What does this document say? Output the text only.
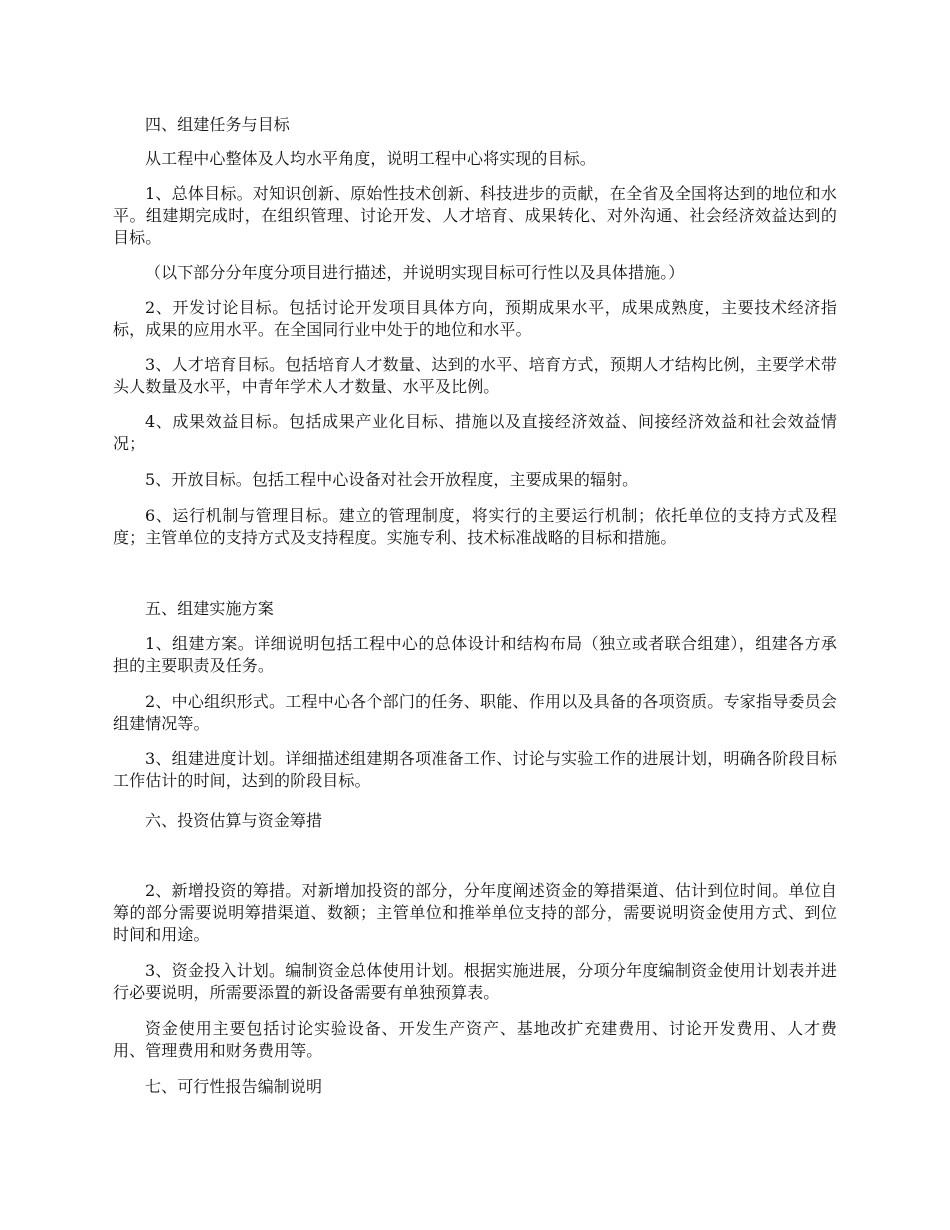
四、组建任务与目标

从工程中心整体及人均水平角度，说明工程中心将实现的目标。

1、总体目标。对知识创新、原始性技术创新、科技进步的贡献，在全省及全国将达到的地位和水平。组建期完成时，在组织管理、讨论开发、人才培育、成果转化、对外沟通、社会经济效益达到的目标。

（以下部分分年度分项目进行描述，并说明实现目标可行性以及具体措施。）

2、开发讨论目标。包括讨论开发项目具体方向，预期成果水平，成果成熟度，主要技术经济指标，成果的应用水平。在全国同行业中处于的地位和水平。

3、人才培育目标。包括培育人才数量、达到的水平、培育方式，预期人才结构比例，主要学术带头人数量及水平，中青年学术人才数量、水平及比例。

4、成果效益目标。包括成果产业化目标、措施以及直接经济效益、间接经济效益和社会效益情况；

5、开放目标。包括工程中心设备对社会开放程度，主要成果的辐射。

6、运行机制与管理目标。建立的管理制度，将实行的主要运行机制；依托单位的支持方式及程度；主管单位的支持方式及支持程度。实施专利、技术标准战略的目标和措施。

五、组建实施方案

1、组建方案。详细说明包括工程中心的总体设计和结构布局（独立或者联合组建），组建各方承担的主要职责及任务。

2、中心组织形式。工程中心各个部门的任务、职能、作用以及具备的各项资质。专家指导委员会组建情况等。

3、组建进度计划。详细描述组建期各项准备工作、讨论与实验工作的进展计划，明确各阶段目标工作估计的时间，达到的阶段目标。

六、投资估算与资金筹措

2、新增投资的筹措。对新增加投资的部分，分年度阐述资金的筹措渠道、估计到位时间。单位自筹的部分需要说明筹措渠道、数额；主管单位和推举单位支持的部分，需要说明资金使用方式、到位时间和用途。

3、资金投入计划。编制资金总体使用计划。根据实施进展，分项分年度编制资金使用计划表并进行必要说明，所需要添置的新设备需要有单独预算表。

资金使用主要包括讨论实验设备、开发生产资产、基地改扩充建费用、讨论开发费用、人才费用、管理费用和财务费用等。

七、可行性报告编制说明
